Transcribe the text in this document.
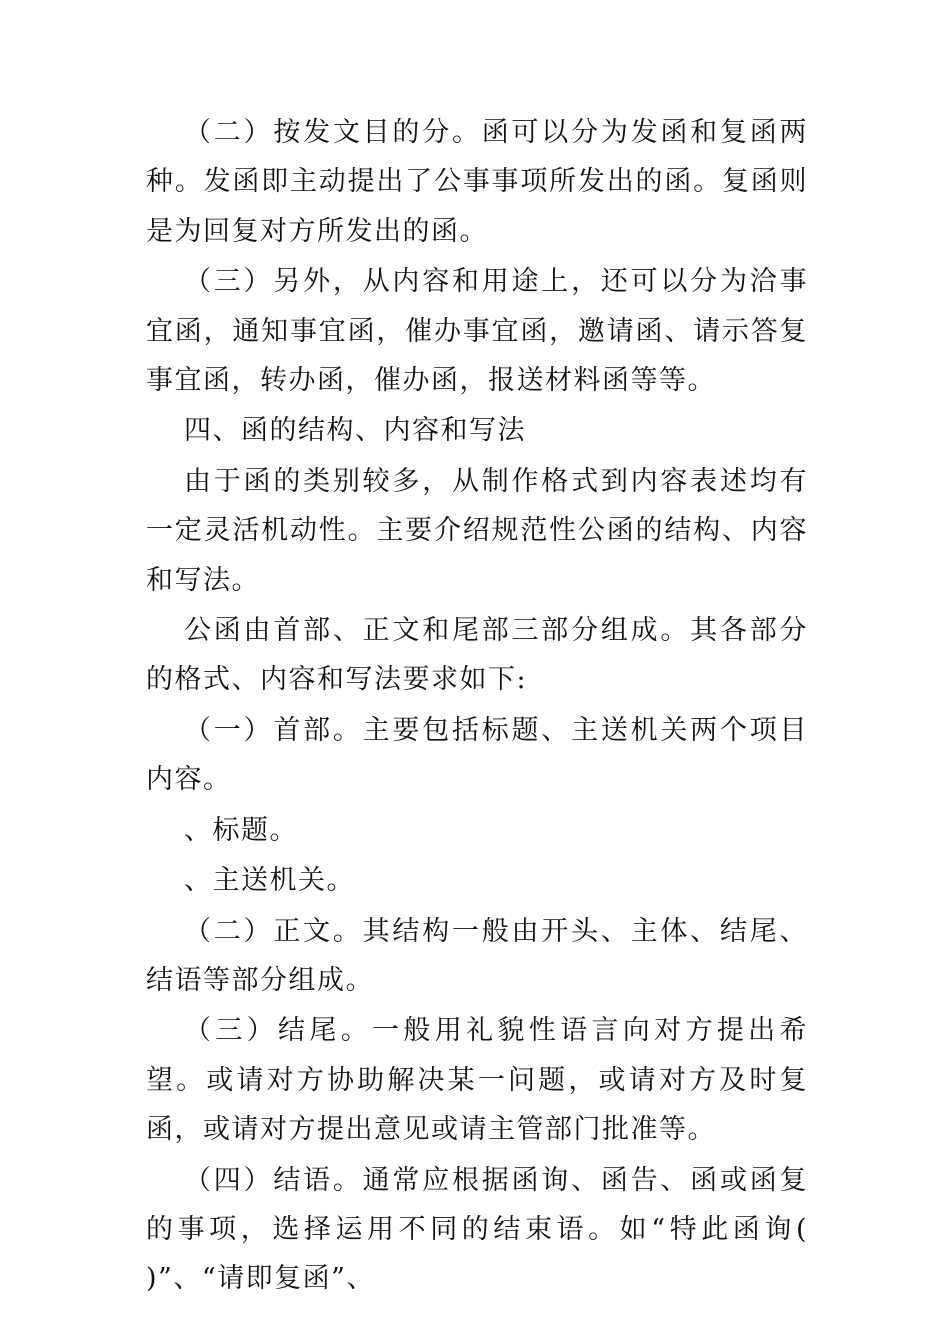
（二）按发文目的分。函可以分为发函和复函两种。发函即主动提出了公事事项所发出的函。复函则是为回复对方所发出的函。

（三）另外，从内容和用途上，还可以分为洽事宜函，通知事宜函，催办事宜函，邀请函、请示答复事宜函，转办函，催办函，报送材料函等等。

四、函的结构、内容和写法

由于函的类别较多，从制作格式到内容表述均有一定灵活机动性。主要介绍规范性公函的结构、内容和写法。

公函由首部、正文和尾部三部分组成。其各部分的格式、内容和写法要求如下:

（一）首部。主要包括标题、主送机关两个项目内容。

、标题。

、主送机关。

（二）正文。其结构一般由开头、主体、结尾、结语等部分组成。

（三）结尾。一般用礼貌性语言向对方提出希望。或请对方协助解决某一问题，或请对方及时复函，或请对方提出意见或请主管部门批准等。

（四）结语。通常应根据函询、函告、函或函复的事项，选择运用不同的结束语。如“特此函询( )”、“请即复函”、
